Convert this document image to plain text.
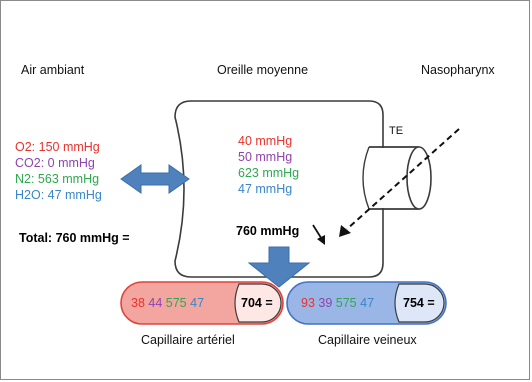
Air ambiant	Oreille moyenne	Nasopharynx
TE
O2: 150 mmHg
CO2: 0 mmHg
N2: 563 mmHg
H2O: 47 mmHg
Total: 760 mmHg =
40 mmHg
50 mmHg
623 mmHg
47 mmHg
760 mmHg
38 44 575 47	704 =
Capillaire artériel
93 39 575 47 754 =
Capillaire veineux
